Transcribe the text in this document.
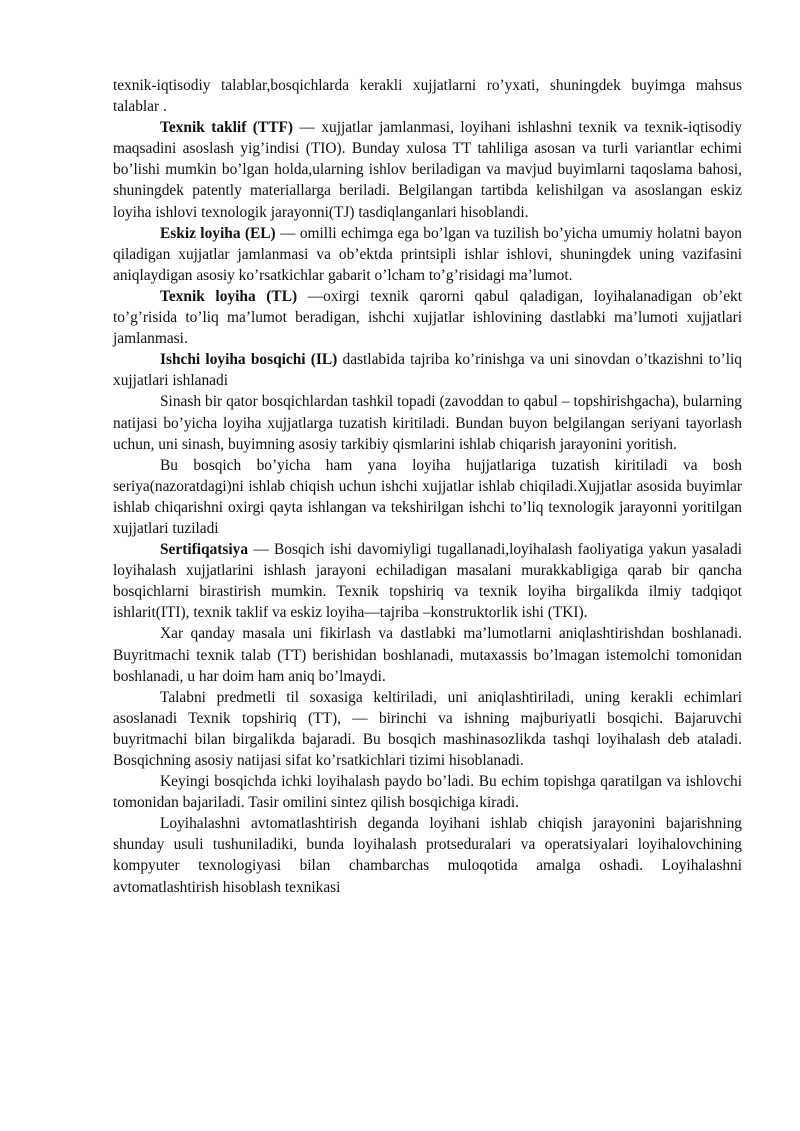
texnik-iqtisodiy talablar,bosqichlarda kerakli xujjatlarni ro’yxati, shuningdek buyimga mahsus talablar .

Texnik taklif (TTF) — xujjatlar jamlanmasi, loyihani ishlashni texnik va texnik-iqtisodiy maqsadini asoslash yig’indisi (TIO). Bunday xulosa TT tahliliga asosan va turli variantlar echimi bo’lishi mumkin bo’lgan holda,ularning ishlov beriladigan va mavjud buyimlarni taqoslama bahosi, shuningdek patently materiallarga beriladi. Belgilangan tartibda kelishilgan va asoslangan eskiz loyiha ishlovi texnologik jarayonni(TJ) tasdiqlanganlari hisoblandi.

Eskiz loyiha (EL) — omilli echimga ega bo’lgan va tuzilish bo’yicha umumiy holatni bayon qiladigan xujjatlar jamlanmasi va ob’ektda printsipli ishlar ishlovi, shuningdek uning vazifasini aniqlaydigan asosiy ko’rsatkichlar gabarit o’lcham to’g’risidagi ma’lumot.

Texnik loyiha (TL) —oxirgi texnik qarorni qabul qaladigan, loyihalanadigan ob’ekt to’g’risida to’liq ma’lumot beradigan, ishchi xujjatlar ishlovining dastlabki ma’lumoti xujjatlari jamlanmasi.

Ishchi loyiha bosqichi (IL) dastlabida tajriba ko’rinishga va uni sinovdan o’tkazishni to’liq xujjatlari ishlanadi

Sinash bir qator bosqichlardan tashkil topadi (zavoddan to qabul – topshirishgacha), bularning natijasi bo’yicha loyiha xujjatlarga tuzatish kiritiladi. Bundan buyon belgilangan seriyani tayorlash uchun, uni sinash, buyimning asosiy tarkibiy qismlarini ishlab chiqarish jarayonini yoritish.

Bu bosqich bo’yicha ham yana loyiha hujjatlariga tuzatish kiritiladi va bosh seriya(nazoratdagi)ni ishlab chiqish uchun ishchi xujjatlar ishlab chiqiladi.Xujjatlar asosida buyimlar ishlab chiqarishni oxirgi qayta ishlangan va tekshirilgan ishchi to’liq texnologik jarayonni yoritilgan xujjatlari tuziladi

Sertifiqatsiya — Bosqich ishi davomiyligi tugallanadi,loyihalash faoliyatiga yakun yasaladi loyihalash xujjatlarini ishlash jarayoni echiladigan masalani murakkabligiga qarab bir qancha bosqichlarni birastirish mumkin. Texnik topshiriq va texnik loyiha birgalikda ilmiy tadqiqot ishlarit(ITI), texnik taklif va eskiz loyiha—tajriba –konstruktorlik ishi (TKI).

Xar qanday masala uni fikirlash va dastlabki ma’lumotlarni aniqlashtirishdan boshlanadi. Buyritmachi texnik talab (TT) berishidan boshlanadi, mutaxassis bo’lmagan istemolchi tomonidan boshlanadi, u har doim ham aniq bo’lmaydi.

Talabni predmetli til soxasiga keltiriladi, uni aniqlashtiriladi, uning kerakli echimlari asoslanadi Texnik topshiriq (TT), — birinchi va ishning majburiyatli bosqichi. Bajaruvchi buyritmachi bilan birgalikda bajaradi. Bu bosqich mashinasozlikda tashqi loyihalash deb ataladi. Bosqichning asosiy natijasi sifat ko’rsatkichlari tizimi hisoblanadi.

Keyingi bosqichda ichki loyihalash paydo bo’ladi. Bu echim topishga qaratilgan va ishlovchi tomonidan bajariladi. Tasir omilini sintez qilish bosqichiga kiradi.

Loyihalashni avtomatlashtirish deganda loyihani ishlab chiqish jarayonini bajarishning shunday usuli tushuniladiki, bunda loyihalash protseduralari va operatsiyalari loyihalovchining kompyuter texnologiyasi bilan chambarchas muloqotida amalga oshadi. Loyihalashni avtomatlashtirish hisoblash texnikasi
